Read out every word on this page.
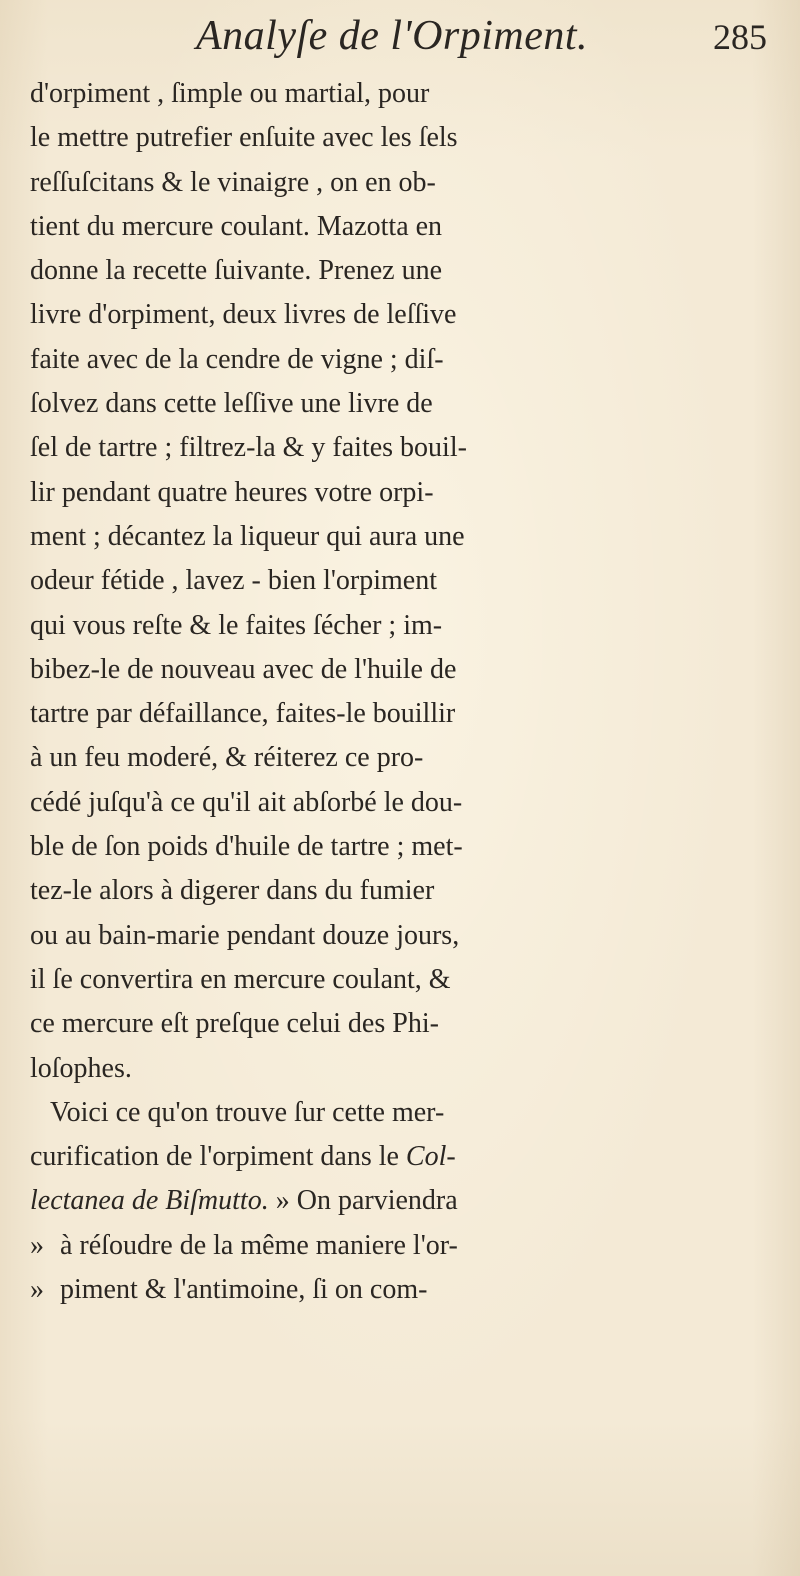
Analyſe de l'Orpiment.	285
d'orpiment , ſimple ou martial, pour
le mettre putrefier enſuite avec les ſels
reſſuſcitans & le vinaigre , on en ob-
tient du mercure coulant. Mazotta en
donne la recette ſuivante. Prenez une
livre d'orpiment, deux livres de leſſive
faite avec de la cendre de vigne ; diſ-
ſolvez dans cette leſſive une livre de
ſel de tartre ; filtrez-la & y faites bouil-
lir pendant quatre heures votre orpi-
ment ; décantez la liqueur qui aura une
odeur fétide , lavez - bien l'orpiment
qui vous reſte & le faites ſécher ; im-
bibez-le de nouveau avec de l'huile de
tartre par défaillance, faites-le bouillir
à un feu moderé, & réiterez ce pro-
cédé juſqu'à ce qu'il ait abſorbé le dou-
ble de ſon poids d'huile de tartre ; met-
tez-le alors à digerer dans du fumier
ou au bain-marie pendant douze jours,
il ſe convertira en mercure coulant, &
ce mercure eſt preſque celui des Phi-
loſophes.
Voici ce qu'on trouve ſur cette mer-
curification de l'orpiment dans le Col-
lectanea de Biſmutto. » On parviendra
» à réſoudre de la même maniere l'or-
» piment & l'antimoine, ſi on com-
